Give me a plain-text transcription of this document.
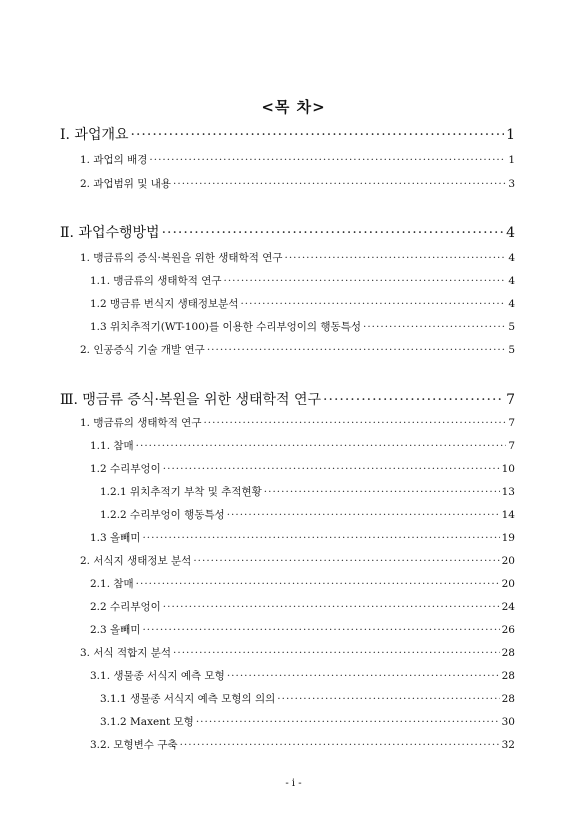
<목 차>
Ⅰ. 과업개요 ·····	1
1. 과업의 배경 ·····	1
2. 과업범위 및 내용 ·····	3
Ⅱ. 과업수행방법 ·····	4
1. 맹금류의 증식·복원을 위한 생태학적 연구 ·····	4
1.1. 맹금류의 생태학적 연구 ·····	4
1.2 맹금류 번식지 생태정보분석 ·····	4
1.3 위치추적기(WT-100)를 이용한 수리부엉이의 행동특성 ·····	5
2. 인공증식 기술 개발 연구 ·····	5
Ⅲ. 맹금류 증식·복원을 위한 생태학적 연구 ·····	7
1. 맹금류의 생태학적 연구 ·····	7
1.1. 참매 ·····	7
1.2 수리부엉이 ·····	10
1.2.1 위치추적기 부착 및 추적현황 ·····	13
1.2.2 수리부엉이 행동특성 ·····	14
1.3 올빼미 ·····	19
2. 서식지 생태정보 분석 ·····	20
2.1. 참매 ·····	20
2.2 수리부엉이 ·····	24
2.3 올빼미 ·····	26
3. 서식 적합지 분석 ·····	28
3.1. 생물종 서식지 예측 모형 ·····	28
3.1.1 생물종 서식지 예측 모형의 의의 ·····	28
3.1.2 Maxent 모형 ·····	30
3.2. 모형변수 구축 ·····	32
- i -
